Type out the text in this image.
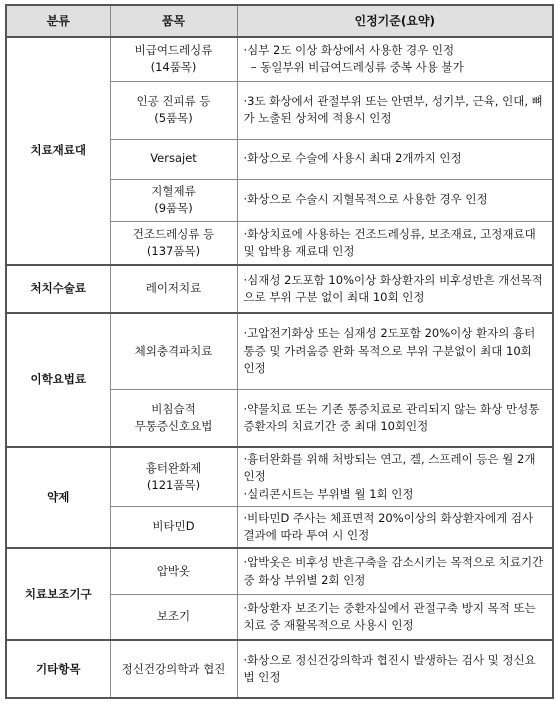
분류	품목	인정기준(요약)
치료재료대	비급여드레싱류
(14품목)	·심부 2도 이상 화상에서 사용한 경우 인정
– 동일부위 비급여드레싱류 중복 사용 불가

	인공 진피류 등
(5품목)	·3도 화상에서 관절부위 또는 안면부, 성기부, 근육, 인대, 뼈가 노출된 상처에 적용시 인정

	Versajet	·화상으로 수술에 사용시 최대 2개까지 인정

	지혈제류
(9품목)	·화상으로 수술시 지혈목적으로 사용한 경우 인정

	건조드레싱류 등
(137품목)	·화상치료에 사용하는 건조드레싱류, 보조재료, 고정재료대 및 압박용 재료대 인정

처치수술료	레이저치료	·심재성 2도포함 10%이상 화상환자의 비후성반흔 개선목적으로 부위 구분 없이 최대 10회 인정

이학요법료	체외충격파치료	·고압전기화상 또는 심재성 2도포함 20%이상 환자의 흉터통증 및 가려움증 완화 목적으로 부위 구분없이 최대 10회 인정

	비침습적
무통증신호요법	·약물치료 또는 기존 통증치료로 관리되지 않는 화상 만성통증환자의 치료기간 중 최대 10회인정

약제	흉터완화제
(121품목)	·흉터완화를 위해 처방되는 연고, 겔, 스프레이 등은 월 2개 인정
·실리콘시트는 부위별 월 1회 인정

	비타민D	·비타민D 주사는 체표면적 20%이상의 화상환자에게 검사 결과에 따라 투여 시 인정

치료보조기구	압박옷	·압박옷은 비후성 반흔구축을 감소시키는 목적으로 치료기간 중 화상 부위별 2회 인정

	보조기	·화상환자 보조기는 중환자실에서 관절구축 방지 목적 또는 치료 중 재활목적으로 사용시 인정

기타항목	정신건강의학과 협진	·화상으로 정신건강의학과 협진시 발생하는 검사 및 정신요법 인정
